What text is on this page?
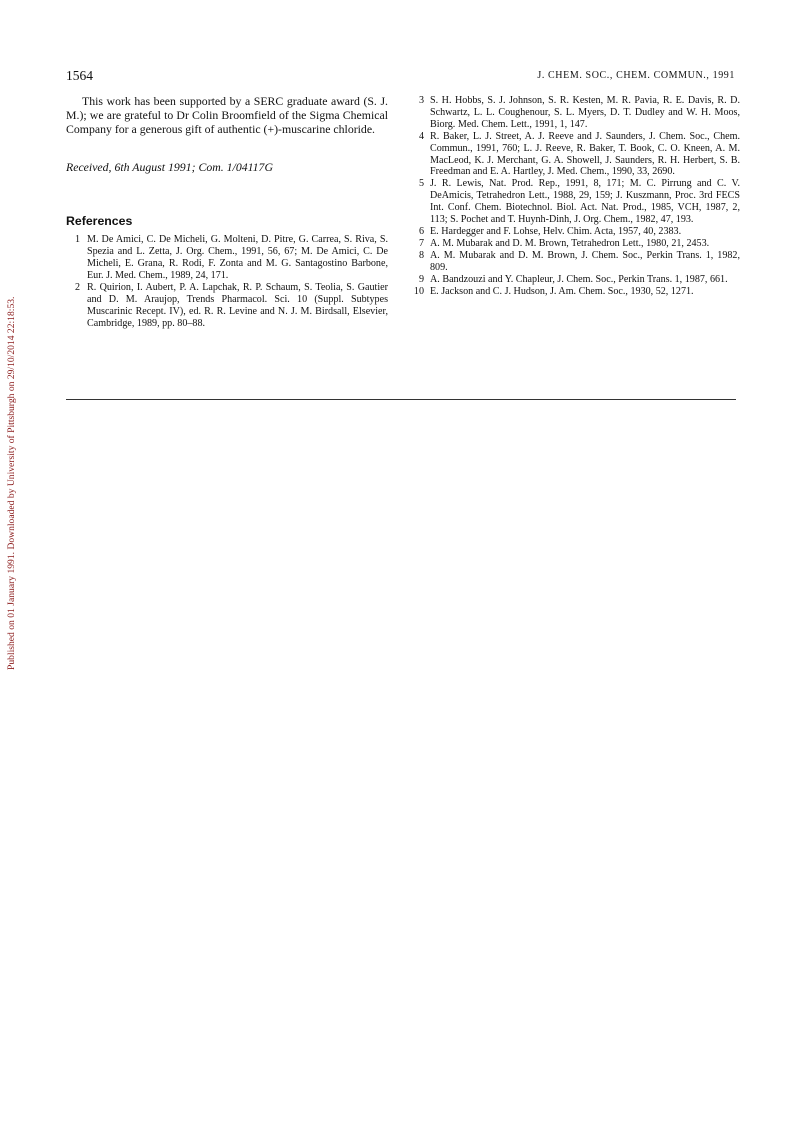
Published on 01 January 1991. Downloaded by University of Pittsburgh on 29/10/2014 22:18:53.
1564	J. CHEM. SOC., CHEM. COMMUN., 1991

This work has been supported by a SERC graduate award (S. J. M.); we are grateful to Dr Colin Broomfield of the Sigma Chemical Company for a generous gift of authentic (+)-muscarine chloride.

Received, 6th August 1991; Com. 1/04117G

References
1 M. De Amici, C. De Micheli, G. Molteni, D. Pitre, G. Carrea, S. Riva, S. Spezia and L. Zetta, J. Org. Chem., 1991, 56, 67; M. De Amici, C. De Micheli, E. Grana, R. Rodi, F. Zonta and M. G. Santagostino Barbone, Eur. J. Med. Chem., 1989, 24, 171.
2 R. Quirion, I. Aubert, P. A. Lapchak, R. P. Schaum, S. Teolia, S. Gautier and D. M. Araujop, Trends Pharmacol. Sci. 10 (Suppl. Subtypes Muscarinic Recept. IV), ed. R. R. Levine and N. J. M. Birdsall, Elsevier, Cambridge, 1989, pp. 80–88.
3 S. H. Hobbs, S. J. Johnson, S. R. Kesten, M. R. Pavia, R. E. Davis, R. D. Schwartz, L. L. Coughenour, S. L. Myers, D. T. Dudley and W. H. Moos, Biorg. Med. Chem. Lett., 1991, 1, 147.
4 R. Baker, L. J. Street, A. J. Reeve and J. Saunders, J. Chem. Soc., Chem. Commun., 1991, 760; L. J. Reeve, R. Baker, T. Book, C. O. Kneen, A. M. MacLeod, K. J. Merchant, G. A. Showell, J. Saunders, R. H. Herbert, S. B. Freedman and E. A. Hartley, J. Med. Chem., 1990, 33, 2690.
5 J. R. Lewis, Nat. Prod. Rep., 1991, 8, 171; M. C. Pirrung and C. V. DeAmicis, Tetrahedron Lett., 1988, 29, 159; J. Kuszmann, Proc. 3rd FECS Int. Conf. Chem. Biotechnol. Biol. Act. Nat. Prod., 1985, VCH, 1987, 2, 113; S. Pochet and T. Huynh-Dinh, J. Org. Chem., 1982, 47, 193.
6 E. Hardegger and F. Lohse, Helv. Chim. Acta, 1957, 40, 2383.
7 A. M. Mubarak and D. M. Brown, Tetrahedron Lett., 1980, 21, 2453.
8 A. M. Mubarak and D. M. Brown, J. Chem. Soc., Perkin Trans. 1, 1982, 809.
9 A. Bandzouzi and Y. Chapleur, J. Chem. Soc., Perkin Trans. 1, 1987, 661.
10 E. Jackson and C. J. Hudson, J. Am. Chem. Soc., 1930, 52, 1271.
